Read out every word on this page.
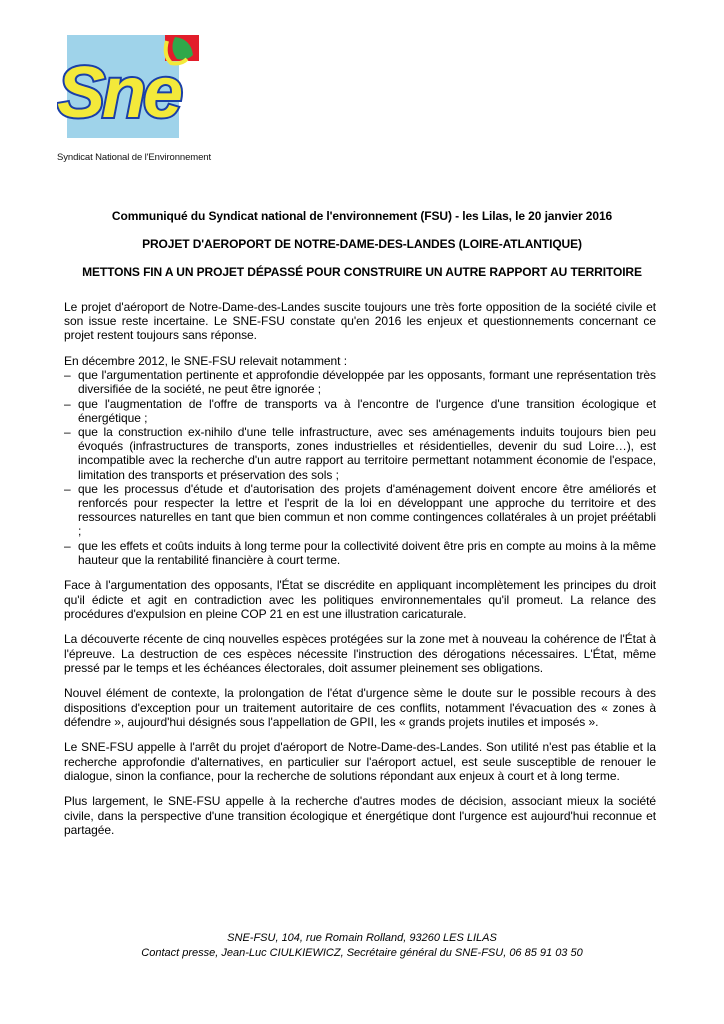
Sne
Syndicat National de l'Environnement
Communiqué du Syndicat national de l'environnement (FSU) - les Lilas, le 20 janvier 2016
PROJET D'AEROPORT DE NOTRE-DAME-DES-LANDES (LOIRE-ATLANTIQUE)
METTONS FIN A UN PROJET DÉPASSÉ POUR CONSTRUIRE UN AUTRE RAPPORT AU TERRITOIRE

Le projet d'aéroport de Notre-Dame-des-Landes suscite toujours une très forte opposition de la société civile et son issue reste incertaine. Le SNE-FSU constate qu'en 2016 les enjeux et questionnements concernant ce projet restent toujours sans réponse.

En décembre 2012, le SNE-FSU relevait notamment :

– que l'argumentation pertinente et approfondie développée par les opposants, formant une représentation très diversifiée de la société, ne peut être ignorée ;
– que l'augmentation de l'offre de transports va à l'encontre de l'urgence d'une transition écologique et énergétique ;
– que la construction ex-nihilo d'une telle infrastructure, avec ses aménagements induits toujours bien peu évoqués (infrastructures de transports, zones industrielles et résidentielles, devenir du sud Loire…), est incompatible avec la recherche d'un autre rapport au territoire permettant notamment économie de l'espace, limitation des transports et préservation des sols ;
– que les processus d'étude et d'autorisation des projets d'aménagement doivent encore être améliorés et renforcés pour respecter la lettre et l'esprit de la loi en développant une approche du territoire et des ressources naturelles en tant que bien commun et non comme contingences collatérales à un projet préétabli ;
– que les effets et coûts induits à long terme pour la collectivité doivent être pris en compte au moins à la même hauteur que la rentabilité financière à court terme.

Face à l'argumentation des opposants, l'État se discrédite en appliquant incomplètement les principes du droit qu'il édicte et agit en contradiction avec les politiques environnementales qu'il promeut. La relance des procédures d'expulsion en pleine COP 21 en est une illustration caricaturale.

La découverte récente de cinq nouvelles espèces protégées sur la zone met à nouveau la cohérence de l'État à l'épreuve. La destruction de ces espèces nécessite l'instruction des dérogations nécessaires. L'État, même pressé par le temps et les échéances électorales, doit assumer pleinement ses obligations.

Nouvel élément de contexte, la prolongation de l'état d'urgence sème le doute sur le possible recours à des dispositions d'exception pour un traitement autoritaire de ces conflits, notamment l'évacuation des « zones à défendre », aujourd'hui désignés sous l'appellation de GPII, les « grands projets inutiles et imposés ».

Le SNE-FSU appelle à l'arrêt du projet d'aéroport de Notre-Dame-des-Landes. Son utilité n'est pas établie et la recherche approfondie d'alternatives, en particulier sur l'aéroport actuel, est seule susceptible de renouer le dialogue, sinon la confiance, pour la recherche de solutions répondant aux enjeux à court et à long terme.

Plus largement, le SNE-FSU appelle à la recherche d'autres modes de décision, associant mieux la société civile, dans la perspective d'une transition écologique et énergétique dont l'urgence est aujourd'hui reconnue et partagée.

SNE-FSU, 104, rue Romain Rolland, 93260 LES LILAS
Contact presse, Jean-Luc CIULKIEWICZ, Secrétaire général du SNE-FSU, 06 85 91 03 50
